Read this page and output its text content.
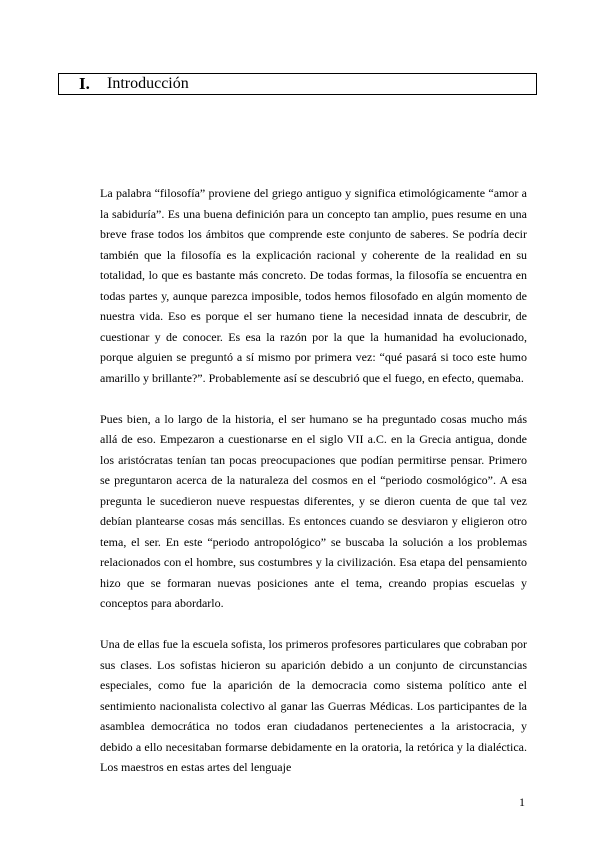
I.	Introducción

La palabra “filosofía” proviene del griego antiguo y significa etimológicamente “amor a la sabiduría”. Es una buena definición para un concepto tan amplio, pues resume en una breve frase todos los ámbitos que comprende este conjunto de saberes. Se podría decir también que la filosofía es la explicación racional y coherente de la realidad en su totalidad, lo que es bastante más concreto. De todas formas, la filosofía se encuentra en todas partes y, aunque parezca imposible, todos hemos filosofado en algún momento de nuestra vida. Eso es porque el ser humano tiene la necesidad innata de descubrir, de cuestionar y de conocer. Es esa la razón por la que la humanidad ha evolucionado, porque alguien se preguntó a sí mismo por primera vez: “qué pasará si toco este humo amarillo y brillante?”. Probablemente así se descubrió que el fuego, en efecto, quemaba.

Pues bien, a lo largo de la historia, el ser humano se ha preguntado cosas mucho más allá de eso. Empezaron a cuestionarse en el siglo VII a.C. en la Grecia antigua, donde los aristócratas tenían tan pocas preocupaciones que podían permitirse pensar. Primero se preguntaron acerca de la naturaleza del cosmos en el “periodo cosmológico”. A esa pregunta le sucedieron nueve respuestas diferentes, y se dieron cuenta de que tal vez debían plantearse cosas más sencillas. Es entonces cuando se desviaron y eligieron otro tema, el ser. En este “periodo antropológico” se buscaba la solución a los problemas relacionados con el hombre, sus costumbres y la civilización. Esa etapa del pensamiento hizo que se formaran nuevas posiciones ante el tema, creando propias escuelas y conceptos para abordarlo.

Una de ellas fue la escuela sofista, los primeros profesores particulares que cobraban por sus clases. Los sofistas hicieron su aparición debido a un conjunto de circunstancias especiales, como fue la aparición de la democracia como sistema político ante el sentimiento nacionalista colectivo al ganar las Guerras Médicas. Los participantes de la asamblea democrática no todos eran ciudadanos pertenecientes a la aristocracia, y debido a ello necesitaban formarse debidamente en la oratoria, la retórica y la dialéctica. Los maestros en estas artes del lenguaje

1
